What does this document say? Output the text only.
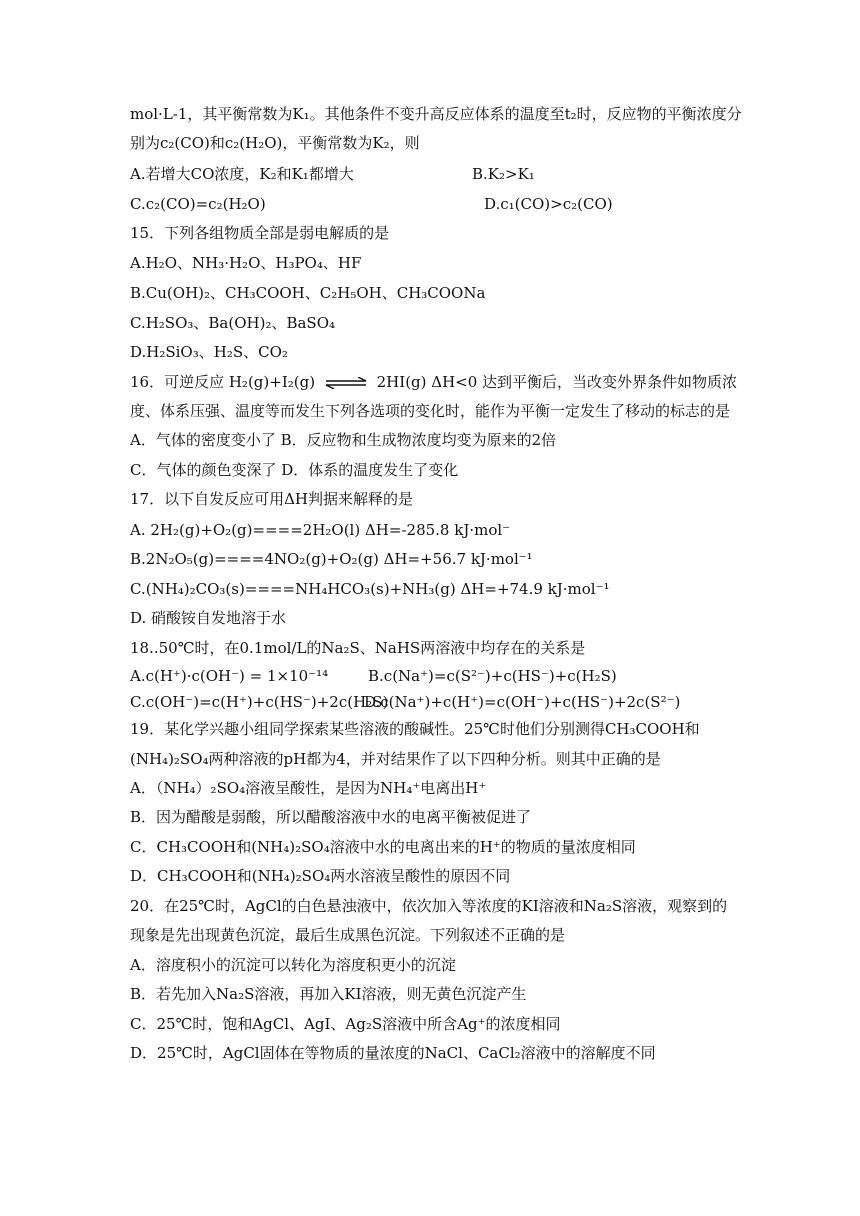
mol·L-1，其平衡常数为K₁。其他条件不变升高反应体系的温度至t₂时，反应物的平衡浓度分
别为c₂(CO)和c₂(H₂O)，平衡常数为K₂，则
A.若增大CO浓度，K₂和K₁都增大	B.K₂>K₁
C.c₂(CO)=c₂(H₂O)	D.c₁(CO)>c₂(CO)
15．下列各组物质全部是弱电解质的是
A.H₂O、NH₃·H₂O、H₃PO₄、HF
B.Cu(OH)₂、CH₃COOH、C₂H₅OH、CH₃COONa
C.H₂SO₃、Ba(OH)₂、BaSO₄
D.H₂SiO₃、H₂S、CO₂
16．可逆反应 H₂(g)+I₂(g) ⇌ 2HI(g) ΔH<0 达到平衡后，当改变外界条件如物质浓
度、体系压强、温度等而发生下列各选项的变化时，能作为平衡一定发生了移动的标志的是
A．气体的密度变小了 B．反应物和生成物浓度均变为原来的2倍
C．气体的颜色变深了 D．体系的温度发生了变化
17．以下自发反应可用ΔH判据来解释的是
A. 2H₂(g)+O₂(g)====2H₂O(l) ΔH=-285.8 kJ·mol⁻
B.2N₂O₅(g)====4NO₂(g)+O₂(g) ΔH=+56.7 kJ·mol⁻¹
C.(NH₄)₂CO₃(s)====NH₄HCO₃(s)+NH₃(g) ΔH=+74.9 kJ·mol⁻¹
D. 硝酸铵自发地溶于水
18..50℃时，在0.1mol/L的Na₂S、NaHS两溶液中均存在的关系是
A.c(H⁺)·c(OH⁻) = 1×10⁻¹⁴	B.c(Na⁺)=c(S²⁻)+c(HS⁻)+c(H₂S)
C.c(OH⁻)=c(H⁺)+c(HS⁻)+2c(H₂S)
D.c(Na⁺)+c(H⁺)=c(OH⁻)+c(HS⁻)+2c(S²⁻)
19．某化学兴趣小组同学探索某些溶液的酸碱性。25℃时他们分别测得CH₃COOH和
(NH₄)₂SO₄两种溶液的pH都为4，并对结果作了以下四种分析。则其中正确的是
A．（NH₄）₂SO₄溶液呈酸性，是因为NH₄⁺电离出H⁺
B．因为醋酸是弱酸，所以醋酸溶液中水的电离平衡被促进了
C．CH₃COOH和(NH₄)₂SO₄溶液中水的电离出来的H⁺的物质的量浓度相同
D．CH₃COOH和(NH₄)₂SO₄两水溶液呈酸性的原因不同
20．在25℃时，AgCl的白色悬浊液中，依次加入等浓度的KI溶液和Na₂S溶液，观察到的
现象是先出现黄色沉淀，最后生成黑色沉淀。下列叙述不正确的是
A．溶度积小的沉淀可以转化为溶度积更小的沉淀
B．若先加入Na₂S溶液，再加入KI溶液，则无黄色沉淀产生
C．25℃时，饱和AgCl、AgI、Ag₂S溶液中所含Ag⁺的浓度相同
D．25℃时，AgCl固体在等物质的量浓度的NaCl、CaCl₂溶液中的溶解度不同
